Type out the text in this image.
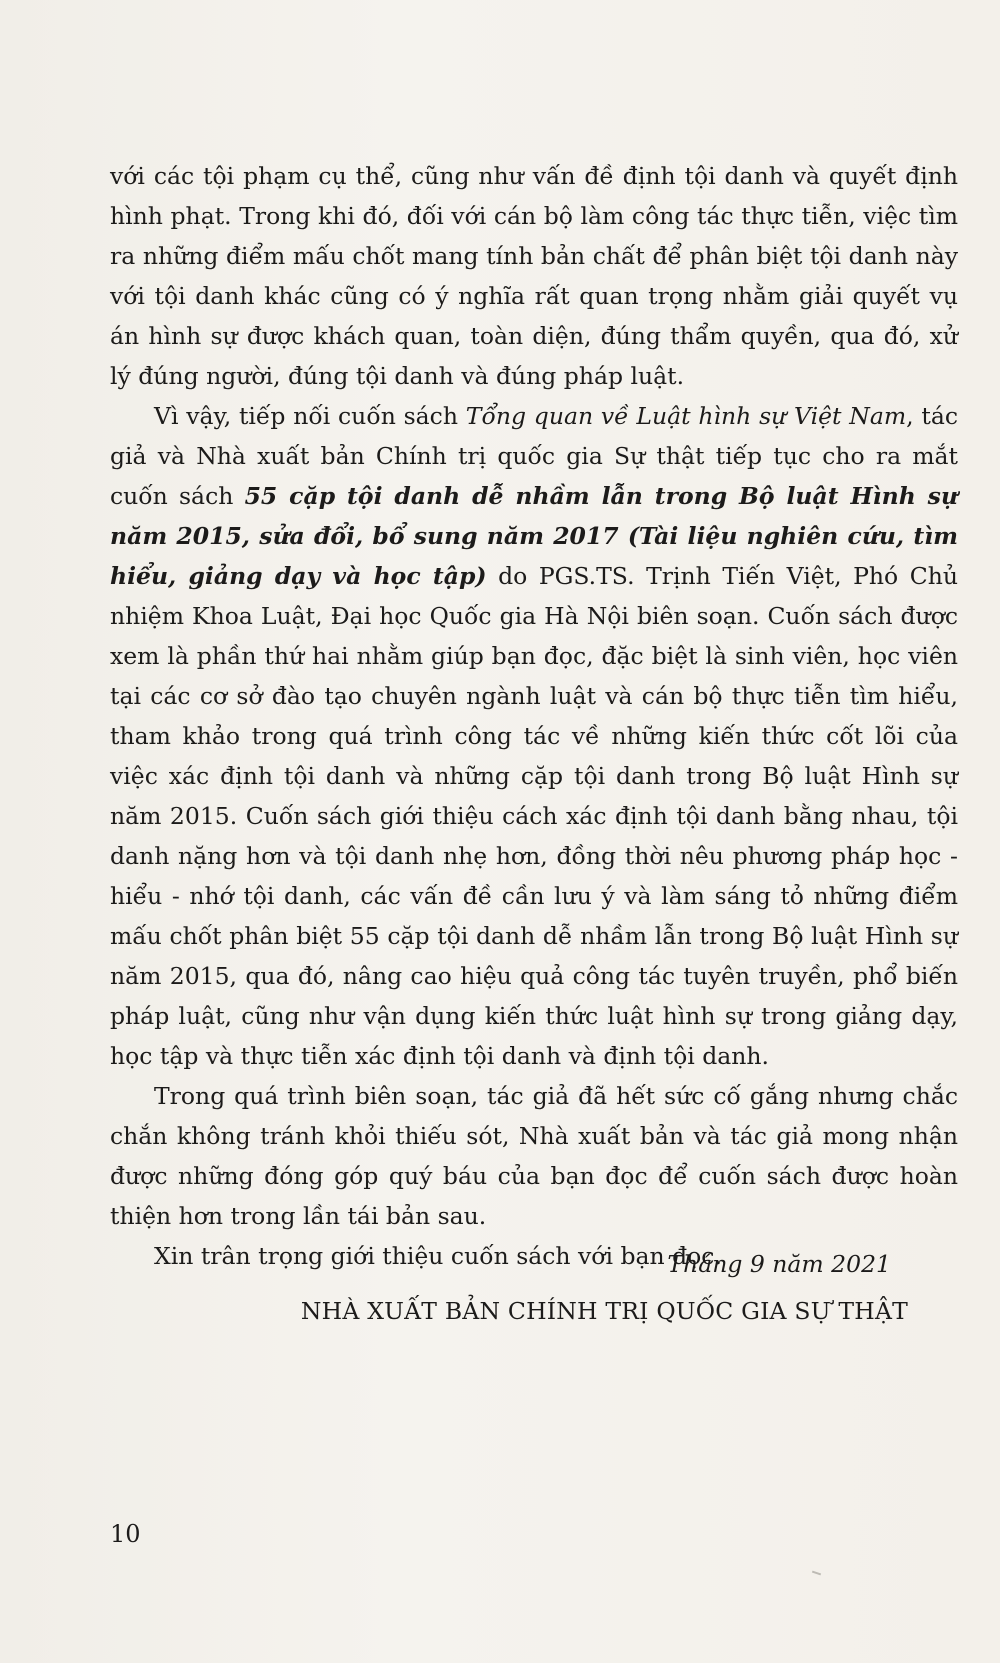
với các tội phạm cụ thể, cũng như vấn đề định tội danh và quyết định hình phạt. Trong khi đó, đối với cán bộ làm công tác thực tiễn, việc tìm ra những điểm mấu chốt mang tính bản chất để phân biệt tội danh này với tội danh khác cũng có ý nghĩa rất quan trọng nhằm giải quyết vụ án hình sự được khách quan, toàn diện, đúng thẩm quyền, qua đó, xử lý đúng người, đúng tội danh và đúng pháp luật.

Vì vậy, tiếp nối cuốn sách Tổng quan về Luật hình sự Việt Nam, tác giả và Nhà xuất bản Chính trị quốc gia Sự thật tiếp tục cho ra mắt cuốn sách 55 cặp tội danh dễ nhầm lẫn trong Bộ luật Hình sự năm 2015, sửa đổi, bổ sung năm 2017 (Tài liệu nghiên cứu, tìm hiểu, giảng dạy và học tập) do PGS.TS. Trịnh Tiến Việt, Phó Chủ nhiệm Khoa Luật, Đại học Quốc gia Hà Nội biên soạn. Cuốn sách được xem là phần thứ hai nhằm giúp bạn đọc, đặc biệt là sinh viên, học viên tại các cơ sở đào tạo chuyên ngành luật và cán bộ thực tiễn tìm hiểu, tham khảo trong quá trình công tác về những kiến thức cốt lõi của việc xác định tội danh và những cặp tội danh trong Bộ luật Hình sự năm 2015. Cuốn sách giới thiệu cách xác định tội danh bằng nhau, tội danh nặng hơn và tội danh nhẹ hơn, đồng thời nêu phương pháp học - hiểu - nhớ tội danh, các vấn đề cần lưu ý và làm sáng tỏ những điểm mấu chốt phân biệt 55 cặp tội danh dễ nhầm lẫn trong Bộ luật Hình sự năm 2015, qua đó, nâng cao hiệu quả công tác tuyên truyền, phổ biến pháp luật, cũng như vận dụng kiến thức luật hình sự trong giảng dạy, học tập và thực tiễn xác định tội danh và định tội danh.

Trong quá trình biên soạn, tác giả đã hết sức cố gắng nhưng chắc chắn không tránh khỏi thiếu sót, Nhà xuất bản và tác giả mong nhận được những đóng góp quý báu của bạn đọc để cuốn sách được hoàn thiện hơn trong lần tái bản sau.

Xin trân trọng giới thiệu cuốn sách với bạn đọc.

Tháng 9 năm 2021
NHÀ XUẤT BẢN CHÍNH TRỊ QUỐC GIA SỰ THẬT
10
